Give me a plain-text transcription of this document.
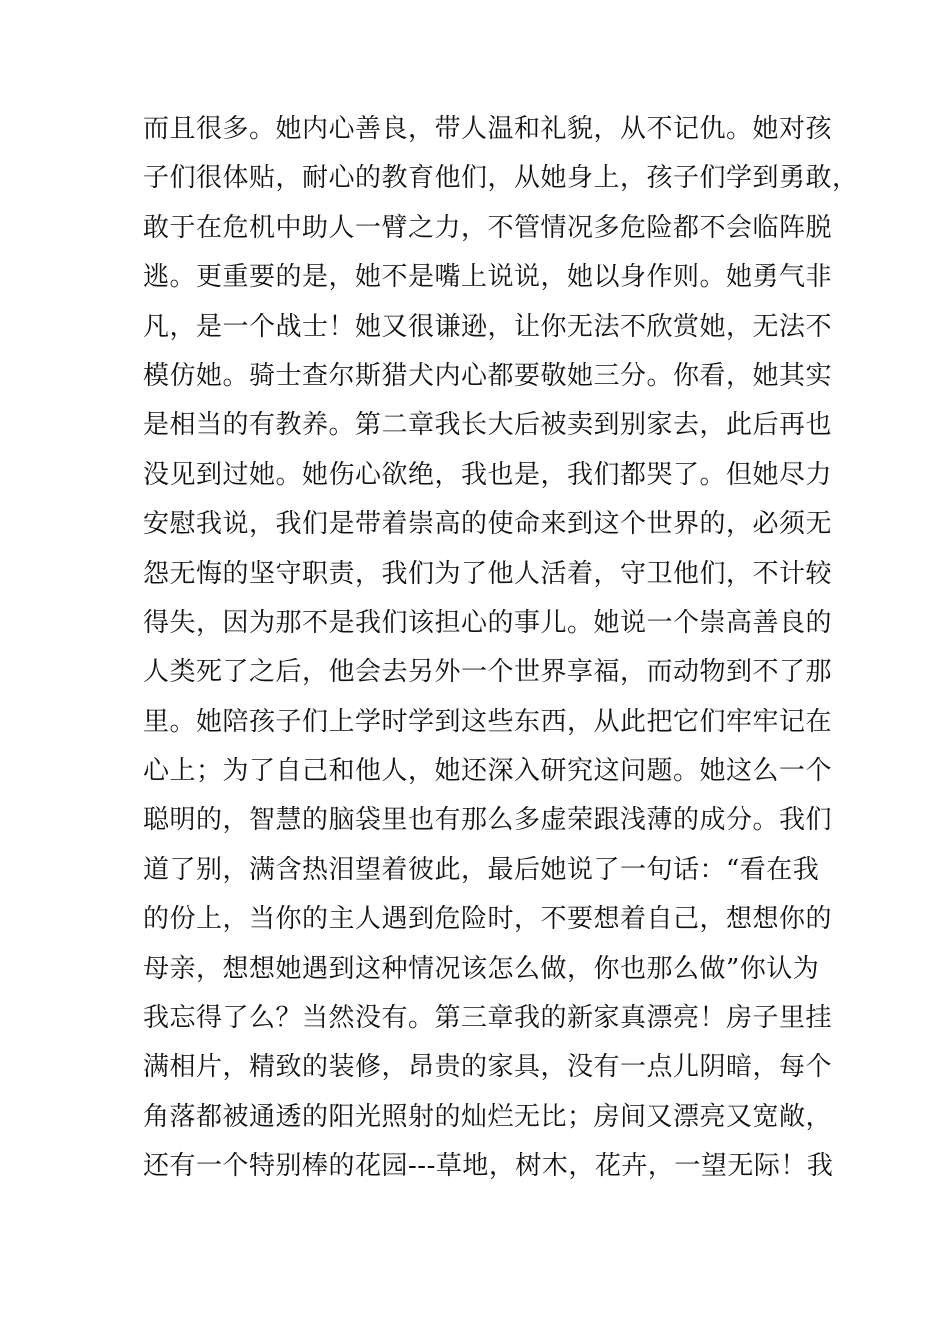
而且很多。她内心善良，带人温和礼貌，从不记仇。她对孩
子们很体贴，耐心的教育他们，从她身上，孩子们学到勇敢，
敢于在危机中助人一臂之力，不管情况多危险都不会临阵脱
逃。更重要的是，她不是嘴上说说，她以身作则。她勇气非
凡，是一个战士！她又很谦逊，让你无法不欣赏她，无法不
模仿她。骑士查尔斯猎犬内心都要敬她三分。你看，她其实
是相当的有教养。第二章我长大后被卖到别家去，此后再也
没见到过她。她伤心欲绝，我也是，我们都哭了。但她尽力
安慰我说，我们是带着崇高的使命来到这个世界的，必须无
怨无悔的坚守职责，我们为了他人活着，守卫他们，不计较
得失，因为那不是我们该担心的事儿。她说一个崇高善良的
人类死了之后，他会去另外一个世界享福，而动物到不了那
里。她陪孩子们上学时学到这些东西，从此把它们牢牢记在
心上；为了自己和他人，她还深入研究这问题。她这么一个
聪明的，智慧的脑袋里也有那么多虚荣跟浅薄的成分。我们
道了别，满含热泪望着彼此，最后她说了一句话：“看在我
的份上，当你的主人遇到危险时，不要想着自己，想想你的
母亲，想想她遇到这种情况该怎么做，你也那么做”你认为
我忘得了么？当然没有。第三章我的新家真漂亮！房子里挂
满相片，精致的装修，昂贵的家具，没有一点儿阴暗，每个
角落都被通透的阳光照射的灿烂无比；房间又漂亮又宽敞，
还有一个特别棒的花园---草地，树木，花卉，一望无际！我
